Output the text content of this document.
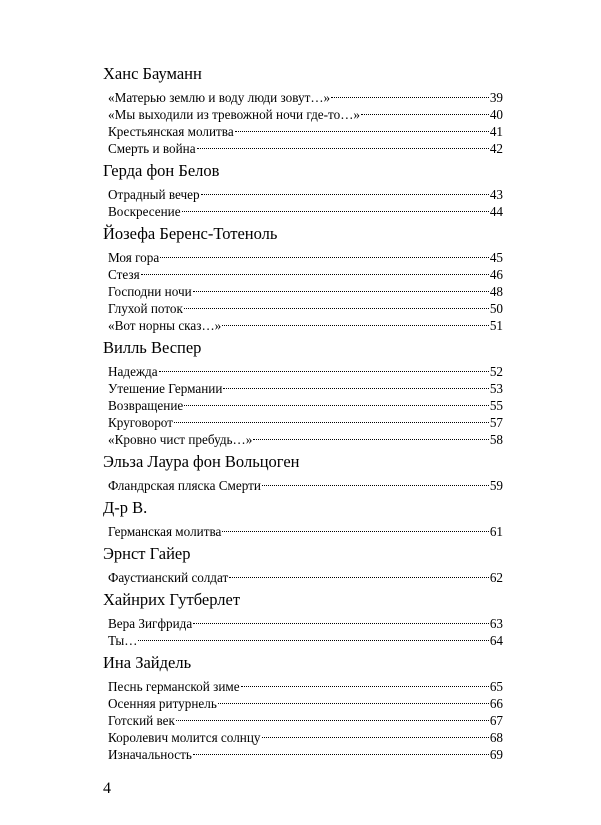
Ханс Бауманн
«Матерью землю и воду люди зовут…»	39
«Мы выходили из тревожной ночи где-то…»	40
Крестьянская молитва	41
Смерть и война	42
Герда фон Белов
Отрадный вечер	43
Воскресение	44
Йозефа Беренс-Тотеноль
Моя гора	45
Стезя	46
Господни ночи	48
Глухой поток	50
«Вот норны сказ…»	51
Вилль Веспер
Надежда	52
Утешение Германии	53
Возвращение	55
Круговорот	57
«Кровно чист пребудь…»	58
Эльза Лаура фон Вольцоген
Фландрская пляска Смерти	59
Д-р В.
Германская молитва	61
Эрнст Гайер
Фаустианский солдат	62
Хайнрих Гутберлет
Вера Зигфрида	63
Ты…	64
Ина Зайдель
Песнь германской зиме	65
Осенняя ритурнель	66
Готский век	67
Королевич молится солнцу	68
Изначальность	69
4
